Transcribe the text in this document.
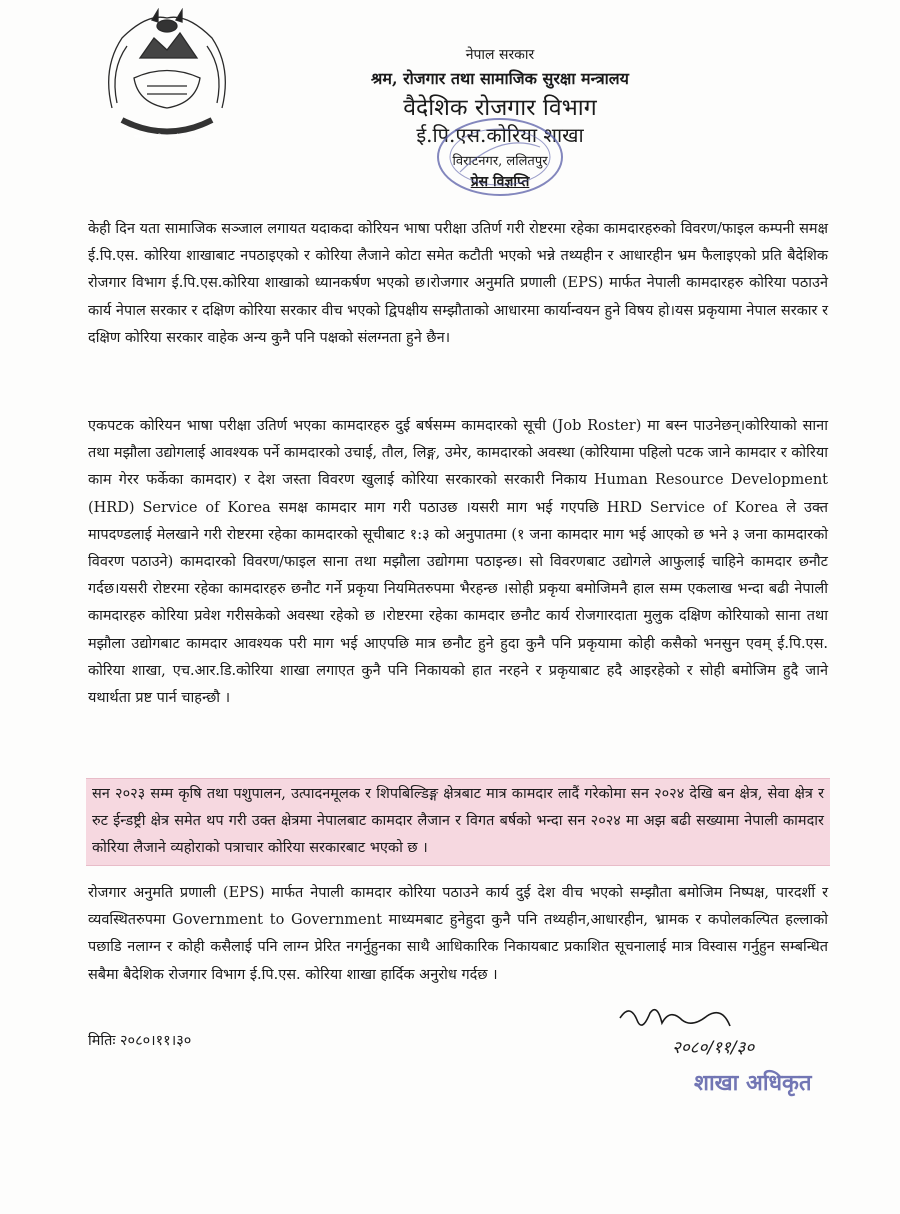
जननी जन्मभूमिश्च स्वर्गादपि गरीयसी
नेपाल सरकार
श्रम, रोजगार तथा सामाजिक सुरक्षा मन्त्रालय
वैदेशिक रोजगार विभाग
ई.पि.एस.कोरिया शाखा
विराटनगर, ललितपुर
प्रेस विज्ञप्ति

केही दिन यता सामाजिक सञ्जाल लगायत यदाकदा कोरियन भाषा परीक्षा उतिर्ण गरी रोष्टरमा रहेका कामदारहरुको विवरण/फाइल कम्पनी समक्ष ई.पि.एस. कोरिया शाखाबाट नपठाइएको र कोरिया लैजाने कोटा समेत कटौती भएको भन्ने तथ्यहीन र आधारहीन भ्रम फैलाइएको प्रति बैदेशिक रोजगार विभाग ई.पि.एस.कोरिया शाखाको ध्यानकर्षण भएको छ।रोजगार अनुमति प्रणाली (EPS) मार्फत नेपाली कामदारहरु कोरिया पठाउने कार्य नेपाल सरकार र दक्षिण कोरिया सरकार वीच भएको द्विपक्षीय सम्झौताको आधारमा कार्यान्वयन हुने विषय हो।यस प्रकृयामा नेपाल सरकार र दक्षिण कोरिया सरकार वाहेक अन्य कुनै पनि पक्षको संलग्नता हुने छैन।

एकपटक कोरियन भाषा परीक्षा उतिर्ण भएका कामदारहरु दुई बर्षसम्म कामदारको सूची (Job Roster) मा बस्न पाउनेछन्।कोरियाको साना तथा मझौला उद्योगलाई आवश्यक पर्ने कामदारको उचाई, तौल, लिङ्ग, उमेर, कामदारको अवस्था (कोरियामा पहिलो पटक जाने कामदार र कोरिया काम गेरर फर्केका कामदार) र देश जस्ता विवरण खुलाई कोरिया सरकारको सरकारी निकाय Human Resource Development (HRD) Service of Korea समक्ष कामदार माग गरी पठाउछ ।यसरी माग भई गएपछि HRD Service of Korea ले उक्त मापदण्डलाई मेलखाने गरी रोष्टरमा रहेका कामदारको सूचीबाट १:३ को अनुपातमा (१ जना कामदार माग भई आएको छ भने ३ जना कामदारको विवरण पठाउने) कामदारको विवरण/फाइल साना तथा मझौला उद्योगमा पठाइन्छ। सो विवरणबाट उद्योगले आफुलाई चाहिने कामदार छनौट गर्दछ।यसरी रोष्टरमा रहेका कामदारहरु छनौट गर्ने प्रकृया नियमितरुपमा भैरहन्छ ।सोही प्रकृया बमोजिमनै हाल सम्म एकलाख भन्दा बढी नेपाली कामदारहरु कोरिया प्रवेश गरीसकेको अवस्था रहेको छ ।रोष्टरमा रहेका कामदार छनौट कार्य रोजगारदाता मुलुक दक्षिण कोरियाको साना तथा मझौला उद्योगबाट कामदार आवश्यक परी माग भई आएपछि मात्र छनौट हुने हुदा कुनै पनि प्रकृयामा कोही कसैको भनसुन एवम् ई.पि.एस. कोरिया शाखा, एच.आर.डि.कोरिया शाखा लगाएत कुनै पनि निकायको हात नरहने र प्रकृयाबाट हदै आइरहेको र सोही बमोजिम हुदै जाने यथार्थता प्रष्ट पार्न चाहन्छौ ।

सन २०२३ सम्म कृषि तथा पशुपालन, उत्पादनमूलक र शिपबिल्डिङ्ग क्षेत्रबाट मात्र कामदार लादैं गरेकोमा सन २०२४ देखि बन क्षेत्र, सेवा क्षेत्र र रुट ईन्डष्ट्री क्षेत्र समेत थप गरी उक्त क्षेत्रमा नेपालबाट कामदार लैजान र विगत बर्षको भन्दा सन २०२४ मा अझ बढी सख्यामा नेपाली कामदार कोरिया लैजाने व्यहोराको पत्राचार कोरिया सरकारबाट भएको छ ।

रोजगार अनुमति प्रणाली (EPS) मार्फत नेपाली कामदार कोरिया पठाउने कार्य दुई देश वीच भएको सम्झौता बमोजिम निष्पक्ष, पारदर्शी र व्यवस्थितरुपमा Government to Government माध्यमबाट हुनेहुदा कुनै पनि तथ्यहीन,आधारहीन, भ्रामक र कपोलकल्पित हल्लाको पछाडि नलाग्न र कोही कसैलाई पनि लाग्न प्रेरित नगर्नुहुनका साथै आधिकारिक निकायबाट प्रकाशित सूचनालाई मात्र विस्वास गर्नुहुन सम्बन्धित सबैमा बैदेशिक रोजगार विभाग ई.पि.एस. कोरिया शाखा हार्दिक अनुरोध गर्दछ ।

मितिः २०८०।११।३०	२०८०/११/३०
शाखा अधिकृत
